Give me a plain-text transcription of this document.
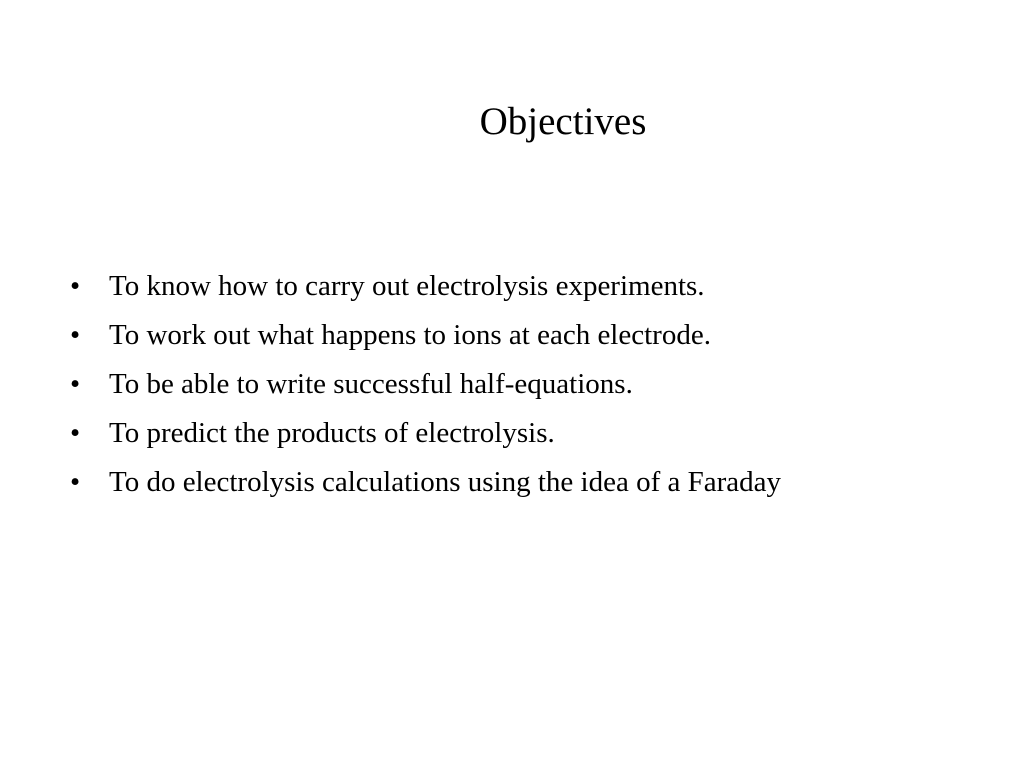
Objectives
• To know how to carry out electrolysis experiments.
• To work out what happens to ions at each electrode.
• To be able to write successful half-equations.
• To predict the products of electrolysis.
• To do electrolysis calculations using the idea of a Faraday
